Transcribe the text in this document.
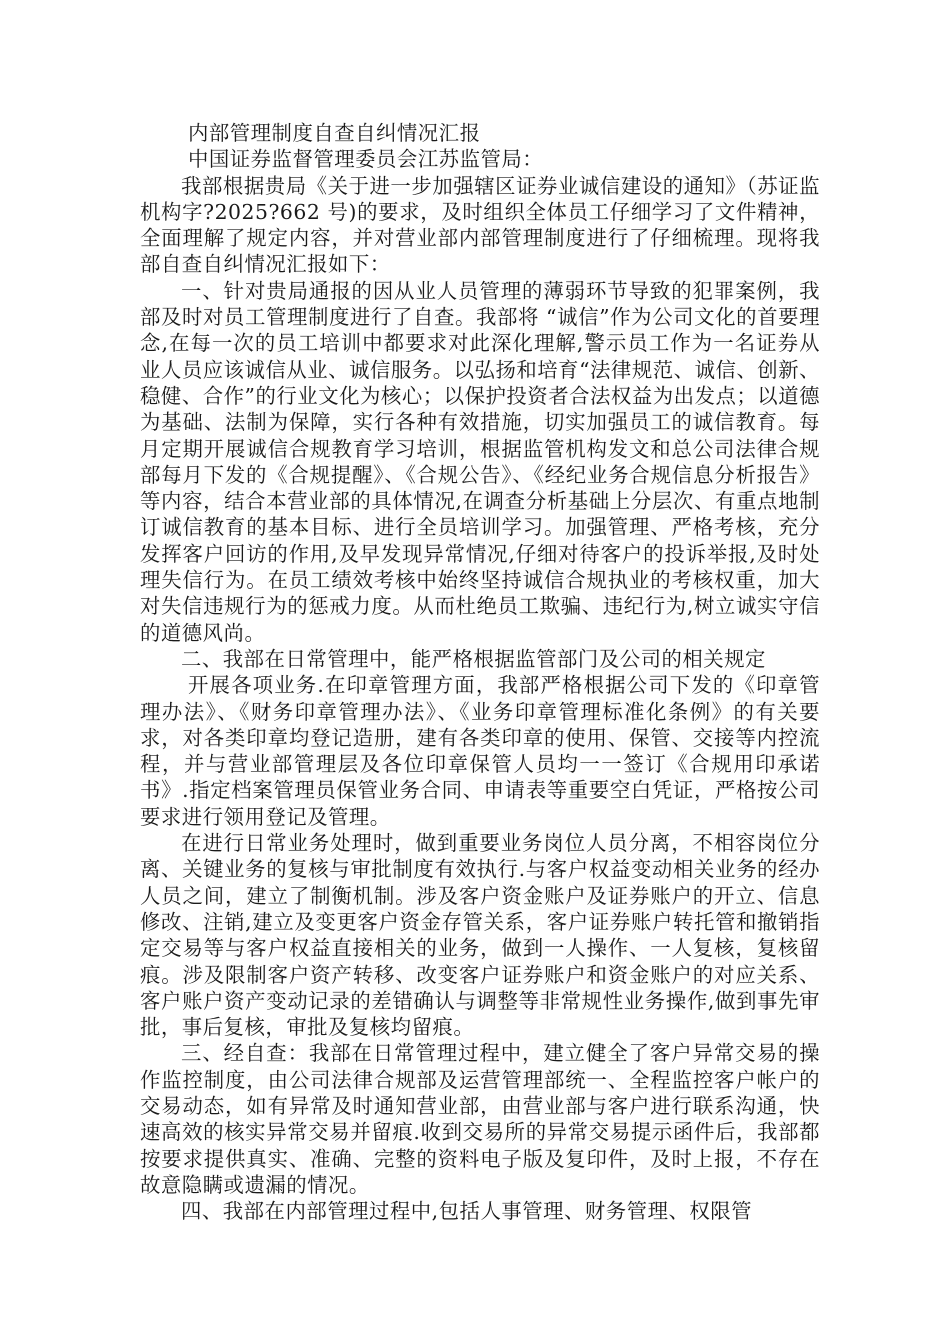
内部管理制度自查自纠情况汇报

中国证券监督管理委员会江苏监管局：

我部根据贵局《关于进一步加强辖区证券业诚信建设的通知》（苏证监机构字?2025?662 号)的要求，及时组织全体员工仔细学习了文件精神，全面理解了规定内容，并对营业部内部管理制度进行了仔细梳理。现将我部自查自纠情况汇报如下：

一、针对贵局通报的因从业人员管理的薄弱环节导致的犯罪案例，我部及时对员工管理制度进行了自查。我部将 “诚信”作为公司文化的首要理念,在每一次的员工培训中都要求对此深化理解,警示员工作为一名证券从业人员应该诚信从业、诚信服务。以弘扬和培育“法律规范、诚信、创新、稳健、合作”的行业文化为核心；以保护投资者合法权益为出发点；以道德为基础、法制为保障，实行各种有效措施，切实加强员工的诚信教育。每月定期开展诚信合规教育学习培训，根据监管机构发文和总公司法律合规部每月下发的《合规提醒》、《合规公告》、《经纪业务合规信息分析报告》等内容，结合本营业部的具体情况,在调查分析基础上分层次、有重点地制订诚信教育的基本目标、进行全员培训学习。加强管理、严格考核，充分发挥客户回访的作用,及早发现异常情况,仔细对待客户的投诉举报,及时处理失信行为。在员工绩效考核中始终坚持诚信合规执业的考核权重，加大对失信违规行为的惩戒力度。从而杜绝员工欺骗、违纪行为,树立诚实守信的道德风尚。

二、我部在日常管理中，能严格根据监管部门及公司的相关规定

开展各项业务.在印章管理方面，我部严格根据公司下发的《印章管理办法》、《财务印章管理办法》、《业务印章管理标准化条例》的有关要求，对各类印章均登记造册，建有各类印章的使用、保管、交接等内控流程，并与营业部管理层及各位印章保管人员均一一签订《合规用印承诺书》.指定档案管理员保管业务合同、申请表等重要空白凭证，严格按公司要求进行领用登记及管理。

在进行日常业务处理时，做到重要业务岗位人员分离，不相容岗位分离、关键业务的复核与审批制度有效执行.与客户权益变动相关业务的经办人员之间，建立了制衡机制。涉及客户资金账户及证券账户的开立、信息修改、注销,建立及变更客户资金存管关系，客户证券账户转托管和撤销指定交易等与客户权益直接相关的业务，做到一人操作、一人复核，复核留痕。涉及限制客户资产转移、改变客户证券账户和资金账户的对应关系、客户账户资产变动记录的差错确认与调整等非常规性业务操作,做到事先审批，事后复核，审批及复核均留痕。

三、经自查：我部在日常管理过程中，建立健全了客户异常交易的操作监控制度，由公司法律合规部及运营管理部统一、全程监控客户帐户的交易动态，如有异常及时通知营业部，由营业部与客户进行联系沟通，快速高效的核实异常交易并留痕.收到交易所的异常交易提示函件后，我部都按要求提供真实、准确、完整的资料电子版及复印件，及时上报，不存在故意隐瞒或遗漏的情况。

四、我部在内部管理过程中,包括人事管理、财务管理、权限管
